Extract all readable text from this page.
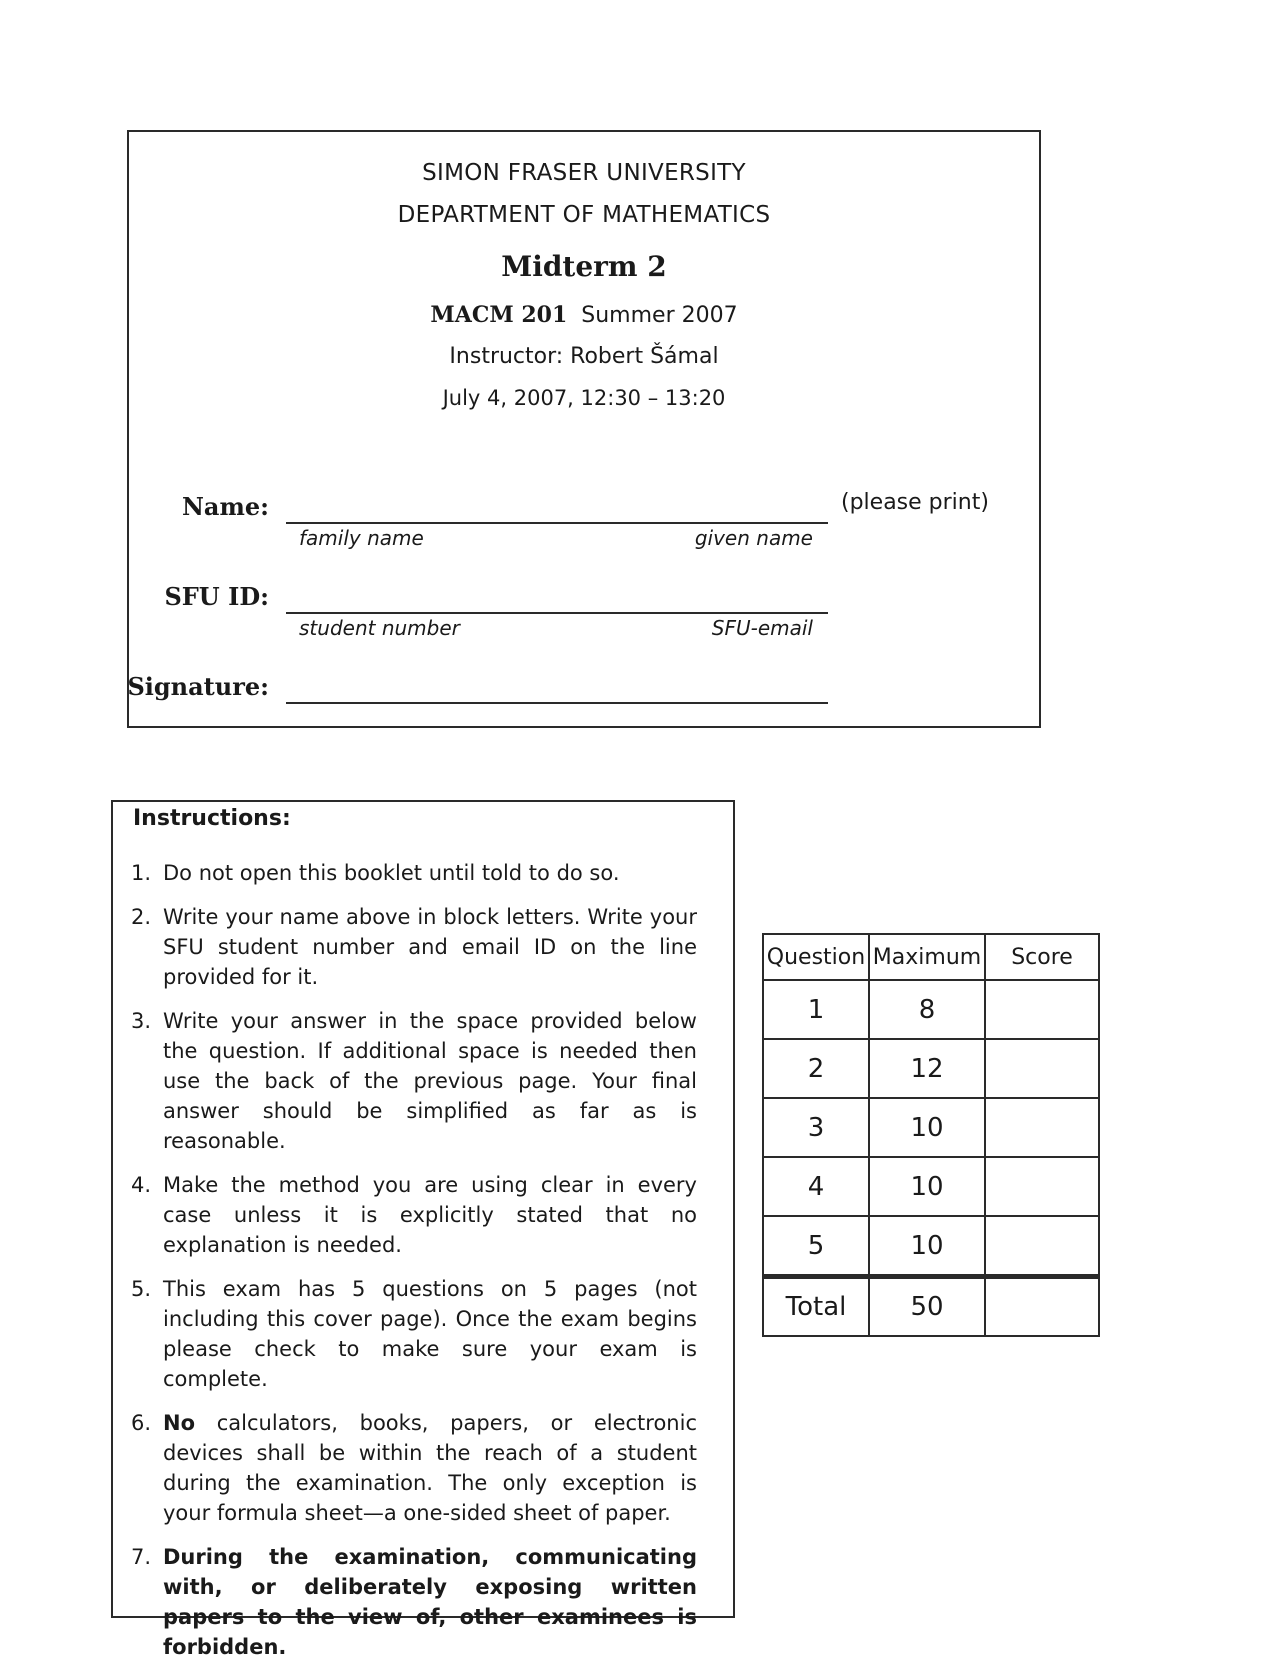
SIMON FRASER UNIVERSITY
DEPARTMENT OF MATHEMATICS
Midterm 2
MACM 201 Summer 2007
Instructor: Robert Šámal
July 4, 2007, 12:30 – 13:20
Name:
family name	given name
(please print)
SFU ID:
student number	SFU-email
Signature:
Instructions:
1. Do not open this booklet until told to do so.
2. Write your name above in block letters. Write your SFU student number and email ID on the line provided for it.
3. Write your answer in the space provided below the question. If additional space is needed then use the back of the previous page. Your final answer should be simplified as far as is reasonable.
4. Make the method you are using clear in every case unless it is explicitly stated that no explanation is needed.
5. This exam has 5 questions on 5 pages (not including this cover page). Once the exam begins please check to make sure your exam is complete.
6. No calculators, books, papers, or electronic devices shall be within the reach of a student during the examination. The only exception is your formula sheet—a one-sided sheet of paper.
7. During the examination, communicating with, or deliberately exposing written papers to the view of, other examinees is forbidden.
Question	Maximum	Score
1	8	
2	12	
3	10	
4	10	
5	10	
Total	50	
